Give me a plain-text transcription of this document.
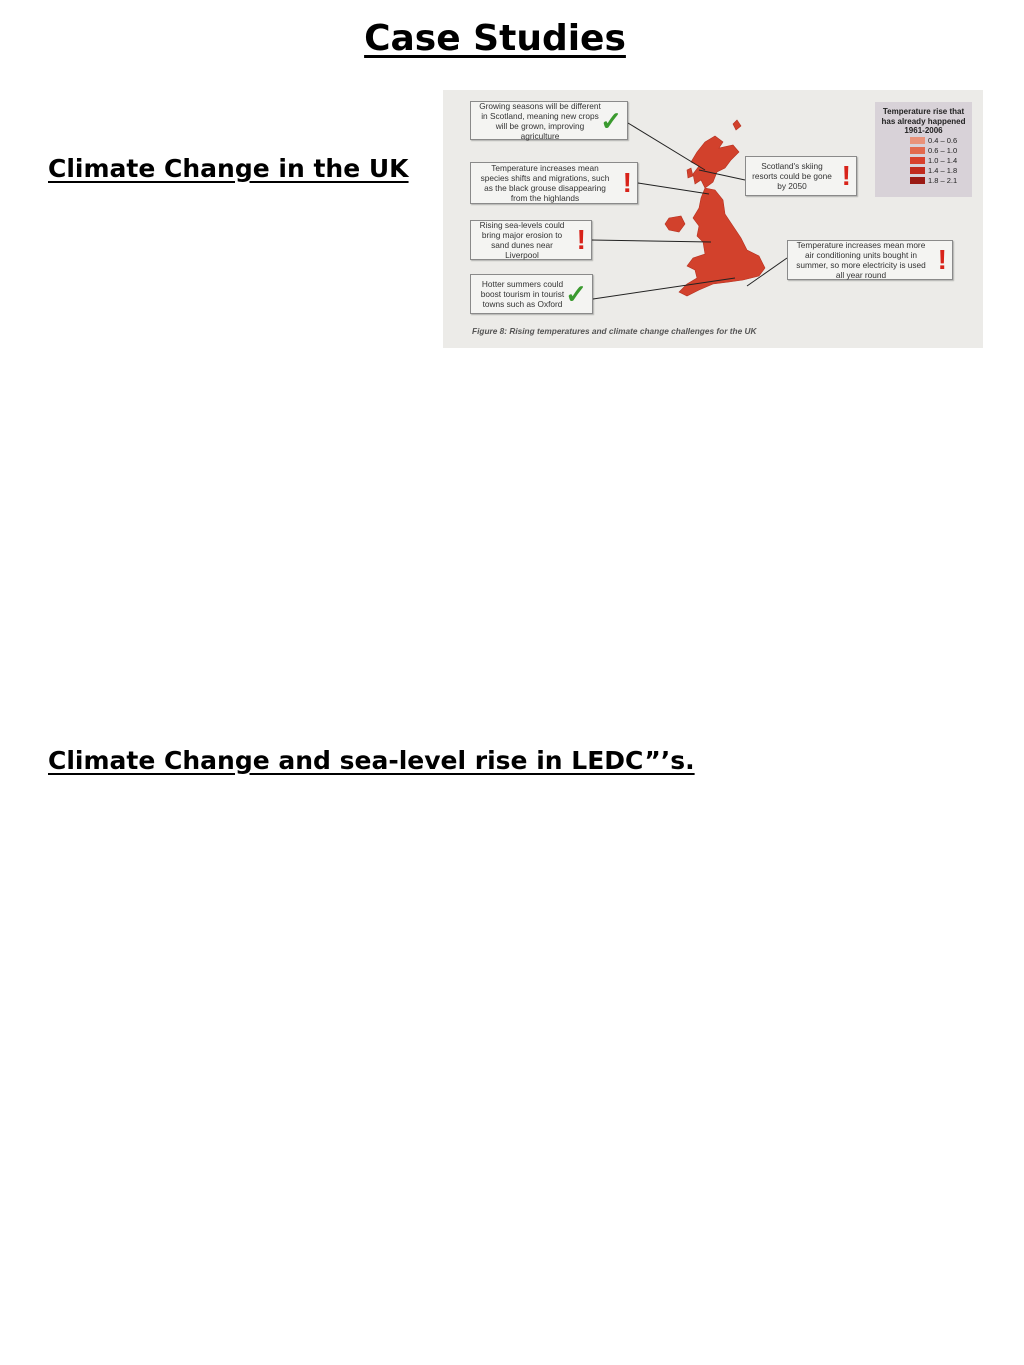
Case Studies
Climate Change in the UK
Climate Change and sea-level rise in LEDC”’s.
Growing seasons will be different in Scotland, meaning new crops will be grown, improving agriculture	✓
Temperature increases mean species shifts and migrations, such as the black grouse disappearing from the highlands	!
Rising sea-levels could bring major erosion to sand dunes near Liverpool	!
Hotter summers could boost tourism in tourist towns such as Oxford ✓
Scotland's skiing resorts could be gone by 2050	!
Temperature increases mean more air conditioning units bought in summer, so more electricity is used all year round	!
Temperature rise that has already happened 1961-2006
0.4 – 0.6
0.6 – 1.0
1.0 – 1.4
1.4 – 1.8
1.8 – 2.1
Figure 8: Rising temperatures and climate change challenges for the UK
